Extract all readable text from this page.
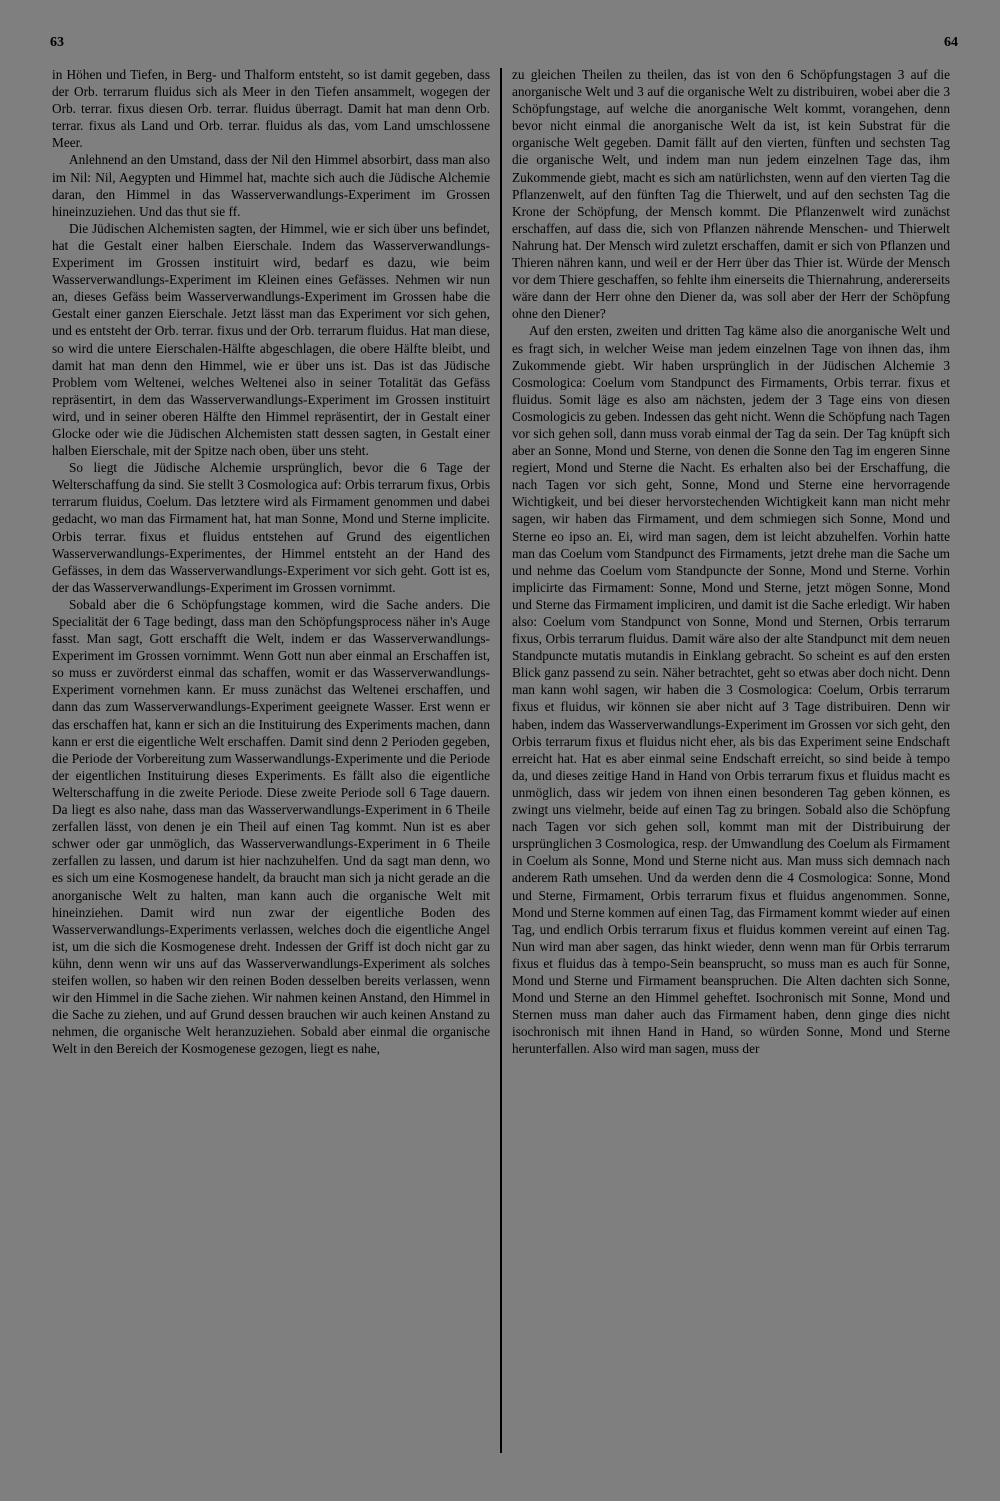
63	64

in Höhen und Tiefen, in Berg- und Thalform entsteht, so ist damit gegeben, dass der Orb. terrarum fluidus sich als Meer in den Tiefen ansammelt, wogegen der Orb. terrar. fixus diesen Orb. terrar. fluidus überragt. Damit hat man denn Orb. terrar. fixus als Land und Orb. terrar. fluidus als das, vom Land umschlossene Meer.

Anlehnend an den Umstand, dass der Nil den Himmel absorbirt, dass man also im Nil: Nil, Aegypten und Himmel hat, machte sich auch die Jüdische Alchemie daran, den Himmel in das Wasserverwandlungs-Experiment im Grossen hineinzuziehen. Und das thut sie ff.

Die Jüdischen Alchemisten sagten, der Himmel, wie er sich über uns befindet, hat die Gestalt einer halben Eierschale. Indem das Wasserverwandlungs-Experiment im Grossen instituirt wird, bedarf es dazu, wie beim Wasserverwandlungs-Experiment im Kleinen eines Gefässes. Nehmen wir nun an, dieses Gefäss beim Wasserverwandlungs-Experiment im Grossen habe die Gestalt einer ganzen Eierschale. Jetzt lässt man das Experiment vor sich gehen, und es entsteht der Orb. terrar. fixus und der Orb. terrarum fluidus. Hat man diese, so wird die untere Eierschalen-Hälfte abgeschlagen, die obere Hälfte bleibt, und damit hat man denn den Himmel, wie er über uns ist. Das ist das Jüdische Problem vom Weltenei, welches Weltenei also in seiner Totalität das Gefäss repräsentirt, in dem das Wasserverwandlungs-Experiment im Grossen instituirt wird, und in seiner oberen Hälfte den Himmel repräsentirt, der in Gestalt einer Glocke oder wie die Jüdischen Alchemisten statt dessen sagten, in Gestalt einer halben Eierschale, mit der Spitze nach oben, über uns steht.

So liegt die Jüdische Alchemie ursprünglich, bevor die 6 Tage der Welterschaffung da sind. Sie stellt 3 Cosmologica auf: Orbis terrarum fixus, Orbis terrarum fluidus, Coelum. Das letztere wird als Firmament genommen und dabei gedacht, wo man das Firmament hat, hat man Sonne, Mond und Sterne implicite. Orbis terrar. fixus et fluidus entstehen auf Grund des eigentlichen Wasserverwandlungs-Experimentes, der Himmel entsteht an der Hand des Gefässes, in dem das Wasserverwandlungs-Experiment vor sich geht. Gott ist es, der das Wasserverwandlungs-Experiment im Grossen vornimmt.

Sobald aber die 6 Schöpfungstage kommen, wird die Sache anders. Die Specialität der 6 Tage bedingt, dass man den Schöpfungsprocess näher in's Auge fasst. Man sagt, Gott erschafft die Welt, indem er das Wasserverwandlungs-Experiment im Grossen vornimmt. Wenn Gott nun aber einmal an Erschaffen ist, so muss er zuvörderst einmal das schaffen, womit er das Wasserverwandlungs-Experiment vornehmen kann. Er muss zunächst das Weltenei erschaffen, und dann das zum Wasserverwandlungs-Experiment geeignete Wasser. Erst wenn er das erschaffen hat, kann er sich an die Instituirung des Experiments machen, dann kann er erst die eigentliche Welt erschaffen. Damit sind denn 2 Perioden gegeben, die Periode der Vorbereitung zum Wasserwandlungs-Experimente und die Periode der eigentlichen Instituirung dieses Experiments. Es fällt also die eigentliche Welterschaffung in die zweite Periode. Diese zweite Periode soll 6 Tage dauern. Da liegt es also nahe, dass man das Wasserverwandlungs-Experiment in 6 Theile zerfallen lässt, von denen je ein Theil auf einen Tag kommt. Nun ist es aber schwer oder gar unmöglich, das Wasserverwandlungs-Experiment in 6 Theile zerfallen zu lassen, und darum ist hier nachzuhelfen. Und da sagt man denn, wo es sich um eine Kosmogenese handelt, da braucht man sich ja nicht gerade an die anorganische Welt zu halten, man kann auch die organische Welt mit hineinziehen. Damit wird nun zwar der eigentliche Boden des Wasserverwandlungs-Experiments verlassen, welches doch die eigentliche Angel ist, um die sich die Kosmogenese dreht. Indessen der Griff ist doch nicht gar zu kühn, denn wenn wir uns auf das Wasserverwandlungs-Experiment als solches steifen wollen, so haben wir den reinen Boden desselben bereits verlassen, wenn wir den Himmel in die Sache ziehen. Wir nahmen keinen Anstand, den Himmel in die Sache zu ziehen, und auf Grund dessen brauchen wir auch keinen Anstand zu nehmen, die organische Welt heranzuziehen. Sobald aber einmal die organische Welt in den Bereich der Kosmogenese gezogen, liegt es nahe,

zu gleichen Theilen zu theilen, das ist von den 6 Schöpfungstagen 3 auf die anorganische Welt und 3 auf die organische Welt zu distribuiren, wobei aber die 3 Schöpfungstage, auf welche die anorganische Welt kommt, vorangehen, denn bevor nicht einmal die anorganische Welt da ist, ist kein Substrat für die organische Welt gegeben. Damit fällt auf den vierten, fünften und sechsten Tag die organische Welt, und indem man nun jedem einzelnen Tage das, ihm Zukommende giebt, macht es sich am natürlichsten, wenn auf den vierten Tag die Pflanzenwelt, auf den fünften Tag die Thierwelt, und auf den sechsten Tag die Krone der Schöpfung, der Mensch kommt. Die Pflanzenwelt wird zunächst erschaffen, auf dass die, sich von Pflanzen nährende Menschen- und Thierwelt Nahrung hat. Der Mensch wird zuletzt erschaffen, damit er sich von Pflanzen und Thieren nähren kann, und weil er der Herr über das Thier ist. Würde der Mensch vor dem Thiere geschaffen, so fehlte ihm einerseits die Thiernahrung, andererseits wäre dann der Herr ohne den Diener da, was soll aber der Herr der Schöpfung ohne den Diener?

Auf den ersten, zweiten und dritten Tag käme also die anorganische Welt und es fragt sich, in welcher Weise man jedem einzelnen Tage von ihnen das, ihm Zukommende giebt. Wir haben ursprünglich in der Jüdischen Alchemie 3 Cosmologica: Coelum vom Standpunct des Firmaments, Orbis terrar. fixus et fluidus. Somit läge es also am nächsten, jedem der 3 Tage eins von diesen Cosmologicis zu geben. Indessen das geht nicht. Wenn die Schöpfung nach Tagen vor sich gehen soll, dann muss vorab einmal der Tag da sein. Der Tag knüpft sich aber an Sonne, Mond und Sterne, von denen die Sonne den Tag im engeren Sinne regiert, Mond und Sterne die Nacht. Es erhalten also bei der Erschaffung, die nach Tagen vor sich geht, Sonne, Mond und Sterne eine hervorragende Wichtigkeit, und bei dieser hervorstechenden Wichtigkeit kann man nicht mehr sagen, wir haben das Firmament, und dem schmiegen sich Sonne, Mond und Sterne eo ipso an. Ei, wird man sagen, dem ist leicht abzuhelfen. Vorhin hatte man das Coelum vom Standpunct des Firmaments, jetzt drehe man die Sache um und nehme das Coelum vom Standpuncte der Sonne, Mond und Sterne. Vorhin implicirte das Firmament: Sonne, Mond und Sterne, jetzt mögen Sonne, Mond und Sterne das Firmament impliciren, und damit ist die Sache erledigt. Wir haben also: Coelum vom Standpunct von Sonne, Mond und Sternen, Orbis terrarum fixus, Orbis terrarum fluidus. Damit wäre also der alte Standpunct mit dem neuen Standpuncte mutatis mutandis in Einklang gebracht. So scheint es auf den ersten Blick ganz passend zu sein. Näher betrachtet, geht so etwas aber doch nicht. Denn man kann wohl sagen, wir haben die 3 Cosmologica: Coelum, Orbis terrarum fixus et fluidus, wir können sie aber nicht auf 3 Tage distribuiren. Denn wir haben, indem das Wasserverwandlungs-Experiment im Grossen vor sich geht, den Orbis terrarum fixus et fluidus nicht eher, als bis das Experiment seine Endschaft erreicht hat. Hat es aber einmal seine Endschaft erreicht, so sind beide à tempo da, und dieses zeitige Hand in Hand von Orbis terrarum fixus et fluidus macht es unmöglich, dass wir jedem von ihnen einen besonderen Tag geben können, es zwingt uns vielmehr, beide auf einen Tag zu bringen. Sobald also die Schöpfung nach Tagen vor sich gehen soll, kommt man mit der Distribuirung der ursprünglichen 3 Cosmologica, resp. der Umwandlung des Coelum als Firmament in Coelum als Sonne, Mond und Sterne nicht aus. Man muss sich demnach nach anderem Rath umsehen. Und da werden denn die 4 Cosmologica: Sonne, Mond und Sterne, Firmament, Orbis terrarum fixus et fluidus angenommen. Sonne, Mond und Sterne kommen auf einen Tag, das Firmament kommt wieder auf einen Tag, und endlich Orbis terrarum fixus et fluidus kommen vereint auf einen Tag. Nun wird man aber sagen, das hinkt wieder, denn wenn man für Orbis terrarum fixus et fluidus das à tempo-Sein beansprucht, so muss man es auch für Sonne, Mond und Sterne und Firmament beanspruchen. Die Alten dachten sich Sonne, Mond und Sterne an den Himmel geheftet. Isochronisch mit Sonne, Mond und Sternen muss man daher auch das Firmament haben, denn ginge dies nicht isochronisch mit ihnen Hand in Hand, so würden Sonne, Mond und Sterne herunterfallen. Also wird man sagen, muss der
